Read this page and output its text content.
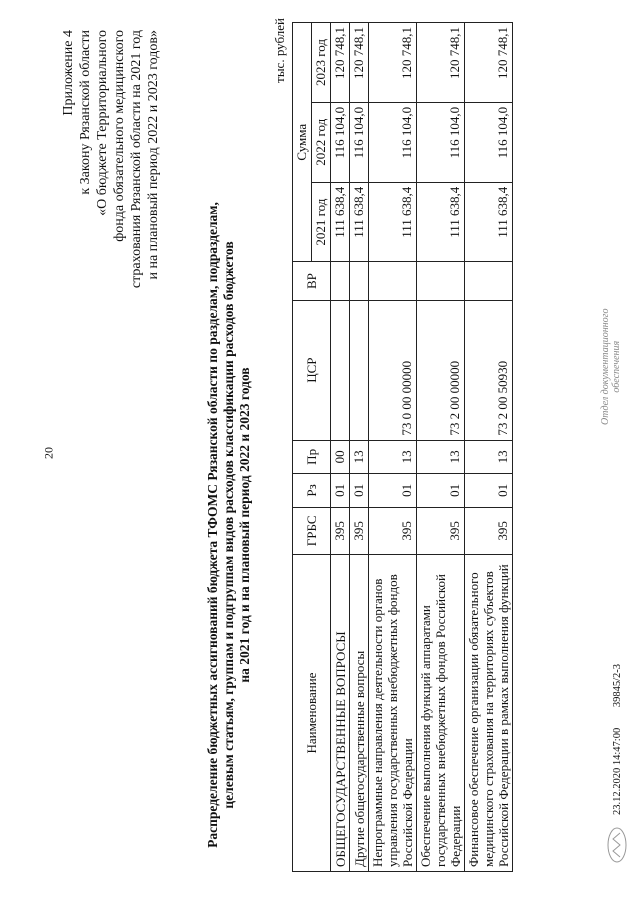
20
Приложение 4 к Закону Рязанской области «О бюджете Территориального фонда обязательного медицинского страхования Рязанской области на 2021 год и на плановый период 2022 и 2023 годов»
Распределение бюджетных ассигнований бюджета ТФОМС Рязанской области по разделам, подразделам, целевым статьям, группам и подгруппам видов расходов классификации расходов бюджетов на 2021 год и на плановый период 2022 и 2023 годов
тыс. рублей
Наименование	ГРБС	Рз	Пр	ЦСР	ВР	Сумма		
						2021 год	2022 год	2023 год
ОБЩЕГОСУДАРСТВЕННЫЕ ВОПРОСЫ	395	01	00			111 638,4	116 104,0	120 748,1
Другие общегосударственные вопросы	395	01	13			111 638,4	116 104,0	120 748,1
Непрограммные направления деятельности органов управления государственных внебюджетных фондов Российской Федерации	395	01	13	73 0 00 00000		111 638,4	116 104,0	120 748,1
Обеспечение выполнения функций аппаратами государственных внебюджетных фондов Российской Федерации	395	01	13	73 2 00 00000		111 638,4	116 104,0	120 748,1
Финансовое обеспечение организации обязательного медицинского страхования на территориях субъектов Российской Федерации в рамках выполнения функций	395	01	13	73 2 00 50930		111 638,4	116 104,0	120 748,1
23.12.2020 14:47:00 39845/2-3
Отдел документационного обеспечения
